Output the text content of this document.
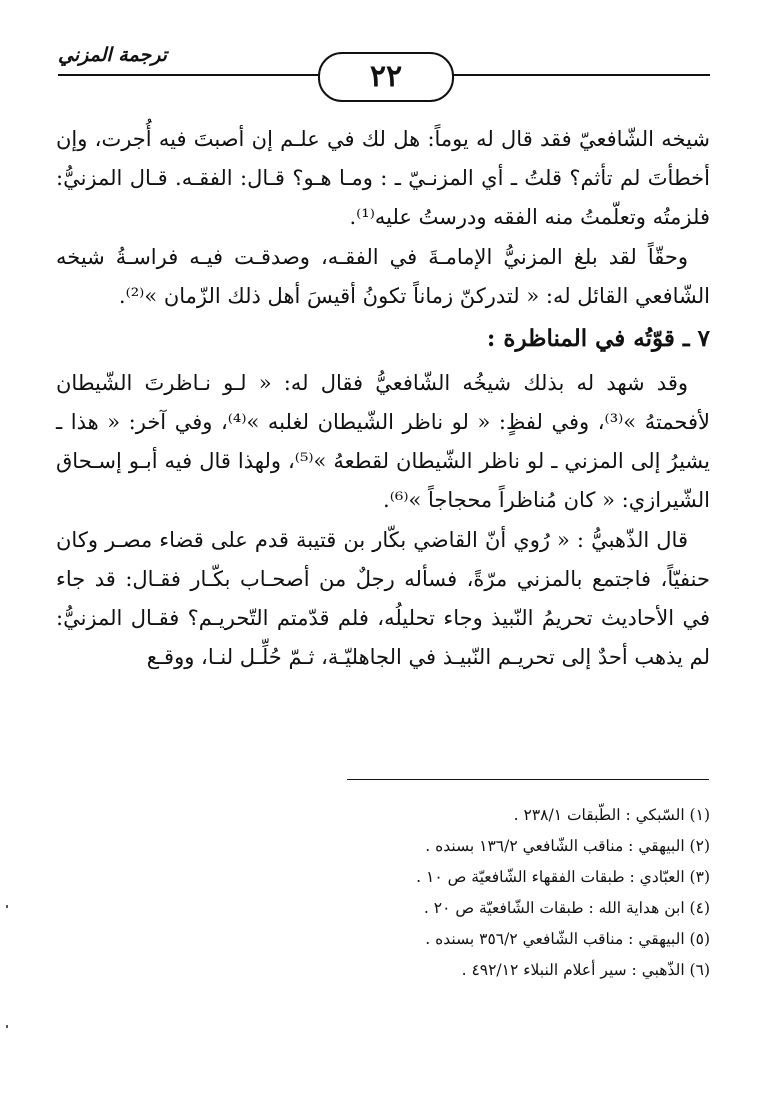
ترجمة المزني
٢٢

شيخه الشّافعيّ فقد قال له يوماً: هل لك في علـم إن أصبتَ فيه أُجرت، وإن أخطأتَ لم تأثم؟ قلتُ ـ أي المزنـيّ ـ : ومـا هـو؟ قـال: الفقـه. قـال المزنيُّ: فلزمتُه وتعلّمتُ منه الفقه ودرستُ عليه⁽¹⁾.

وحقّاً لقد بلغ المزنيُّ الإمامـةَ في الفقـه، وصدقـت فيـه فراسـةُ شيخه الشّافعي القائل له: « لتدركنّ زماناً تكونُ أقيسَ أهل ذلك الزّمان »⁽²⁾.

٧ ـ قوّتُه في المناظرة :

وقد شهد له بذلك شيخُه الشّافعيُّ فقال له: « لـو نـاظرتَ الشّيطان لأفحمتهُ »⁽³⁾، وفي لفظٍ: « لو ناظر الشّيطان لغلبه »⁽⁴⁾، وفي آخر: « هذا ـ يشيرُ إلى المزني ـ لو ناظر الشّيطان لقطعهُ »⁽⁵⁾، ولهذا قال فيه أبـو إسـحاق الشّيرازي: « كان مُناظراً محجاجاً »⁽⁶⁾.

قال الذّهبيُّ : « رُوي أنّ القاضي بكّار بن قتيبة قدم على قضاء مصـر وكان حنفيّاً، فاجتمع بالمزني مرّةً، فسأله رجلٌ من أصحـاب بكّـار فقـال: قد جاء في الأحاديث تحريمُ النّبيذ وجاء تحليلُه، فلم قدّمتم التّحريـم؟ فقـال المزنيُّ: لم يذهب أحدٌ إلى تحريـم النّبيـذ في الجاهليّـة، ثـمّ حُلِّـل لنـا، ووقـع

(١) السّبكي : الطّبقات ٢٣٨/١ .
(٢) البيهقي : مناقب الشّافعي ١٣٦/٢ بسنده .
(٣) العبّادي : طبقات الفقهاء الشّافعيّة ص ١٠ .
(٤) ابن هداية الله : طبقات الشّافعيّة ص ٢٠ .
(٥) البيهقي : مناقب الشّافعي ٣٥٦/٢ بسنده .
(٦) الذّهبي : سير أعلام النبلاء ٤٩٢/١٢ .
